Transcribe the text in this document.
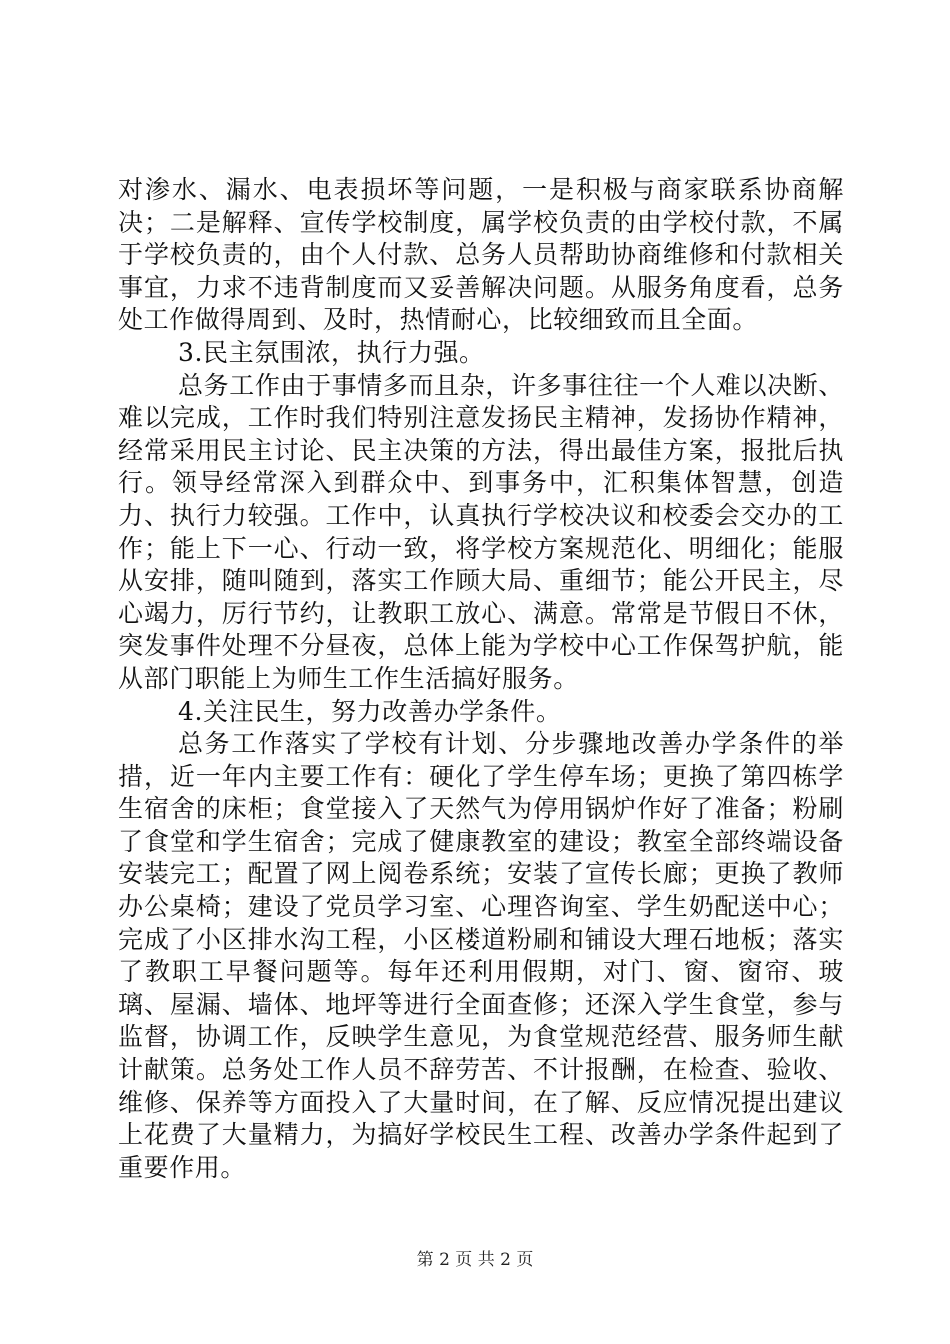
对渗水、漏水、电表损坏等问题，一是积极与商家联系协商解决；二是解释、宣传学校制度，属学校负责的由学校付款，不属于学校负责的，由个人付款、总务人员帮助协商维修和付款相关事宜，力求不违背制度而又妥善解决问题。从服务角度看，总务处工作做得周到、及时，热情耐心，比较细致而且全面。

3.民主氛围浓，执行力强。

总务工作由于事情多而且杂，许多事往往一个人难以决断、难以完成，工作时我们特别注意发扬民主精神，发扬协作精神，经常采用民主讨论、民主决策的方法，得出最佳方案，报批后执行。领导经常深入到群众中、到事务中，汇积集体智慧，创造力、执行力较强。工作中，认真执行学校决议和校委会交办的工作；能上下一心、行动一致，将学校方案规范化、明细化；能服从安排，随叫随到，落实工作顾大局、重细节；能公开民主，尽心竭力，厉行节约，让教职工放心、满意。常常是节假日不休，突发事件处理不分昼夜，总体上能为学校中心工作保驾护航，能从部门职能上为师生工作生活搞好服务。

4.关注民生，努力改善办学条件。

总务工作落实了学校有计划、分步骤地改善办学条件的举措，近一年内主要工作有：硬化了学生停车场；更换了第四栋学生宿舍的床柜；食堂接入了天然气为停用锅炉作好了准备；粉刷了食堂和学生宿舍；完成了健康教室的建设；教室全部终端设备安装完工；配置了网上阅卷系统；安装了宣传长廊；更换了教师办公桌椅；建设了党员学习室、心理咨询室、学生奶配送中心；完成了小区排水沟工程，小区楼道粉刷和铺设大理石地板；落实了教职工早餐问题等。每年还利用假期，对门、窗、窗帘、玻璃、屋漏、墙体、地坪等进行全面查修；还深入学生食堂，参与监督，协调工作，反映学生意见，为食堂规范经营、服务师生献计献策。总务处工作人员不辞劳苦、不计报酬，在检查、验收、维修、保养等方面投入了大量时间，在了解、反应情况提出建议上花费了大量精力，为搞好学校民生工程、改善办学条件起到了重要作用。

第 2 页 共 2 页
